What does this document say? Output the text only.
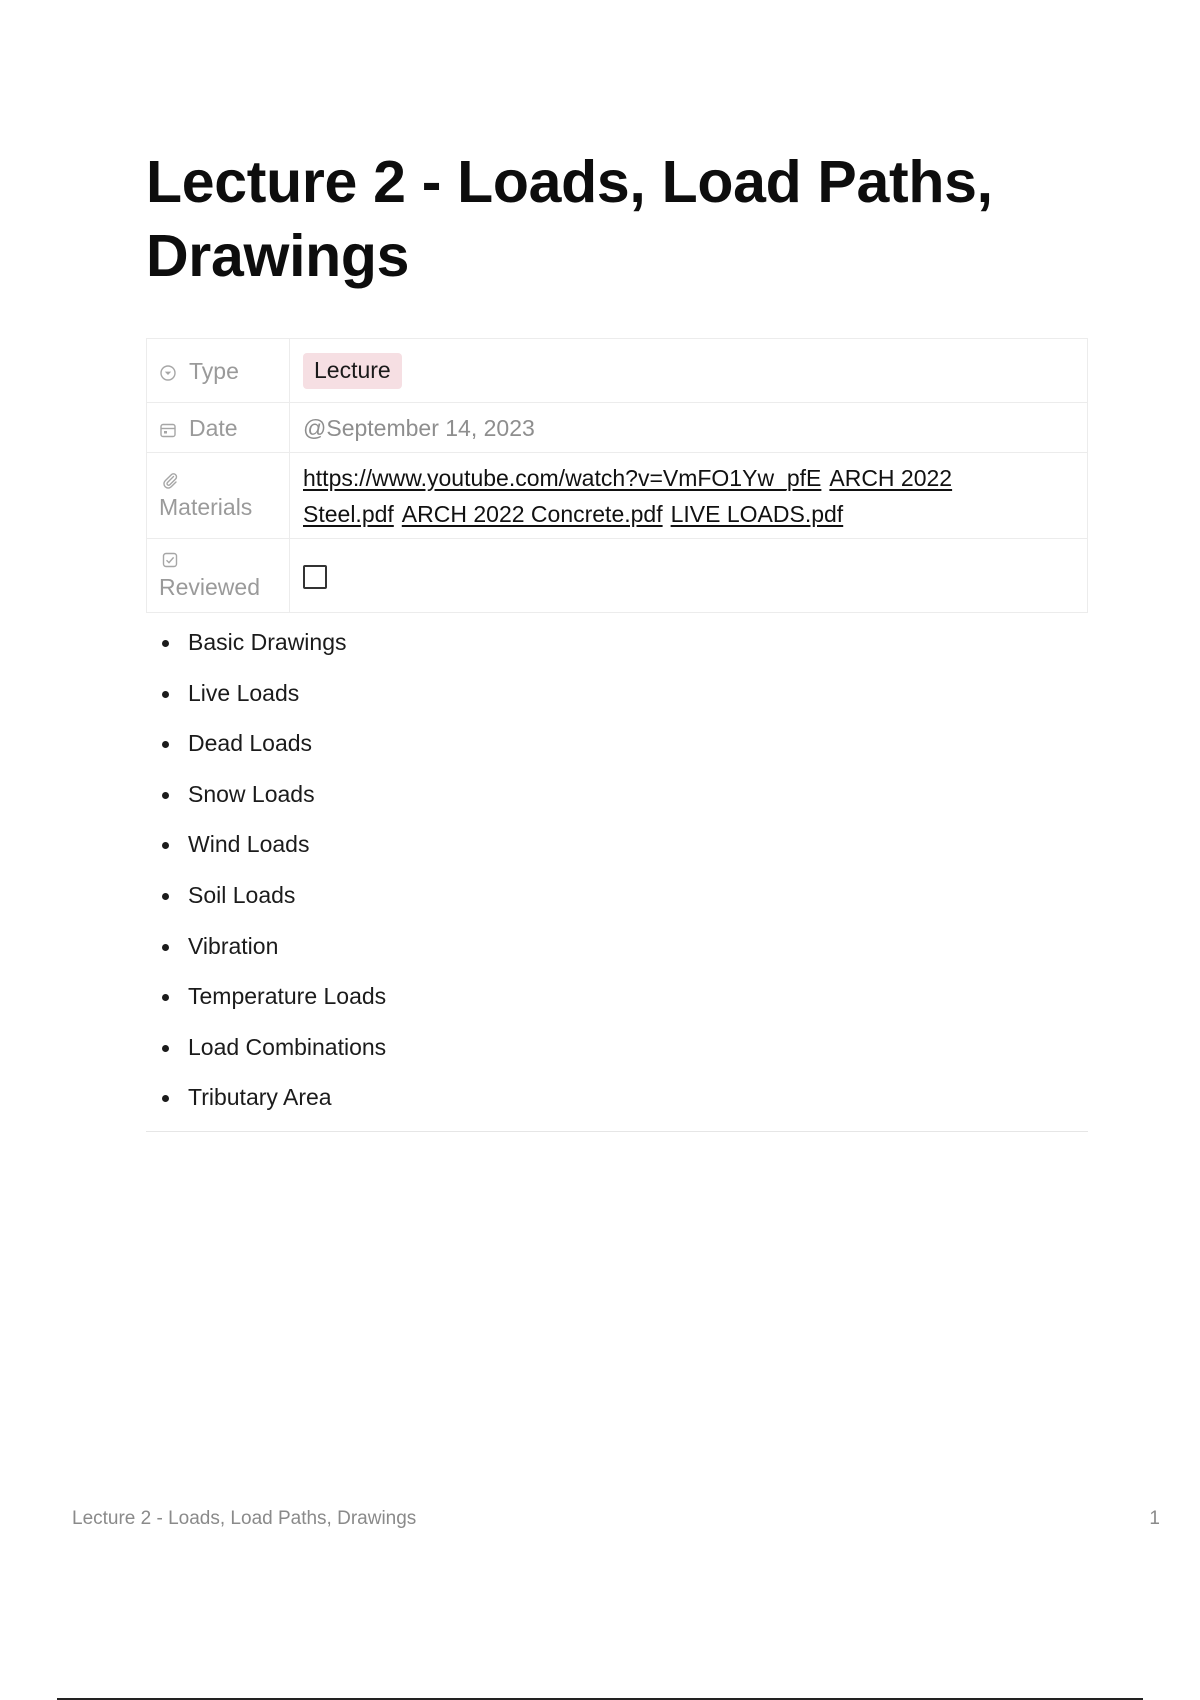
Lecture 2 - Loads, Load Paths, Drawings
Type	Lecture

Date	@September 14, 2023

Materials	https://www.youtube.com/watch?v=VmFO1Yw_pfE ARCH 2022 Steel.pdf ARCH 2022 Concrete.pdf LIVE LOADS.pdf

Reviewed	

Basic Drawings
Live Loads
Dead Loads
Snow Loads
Wind Loads
Soil Loads
Vibration
Temperature Loads
Load Combinations
Tributary Area
Lecture 2 - Loads, Load Paths, Drawings	1
